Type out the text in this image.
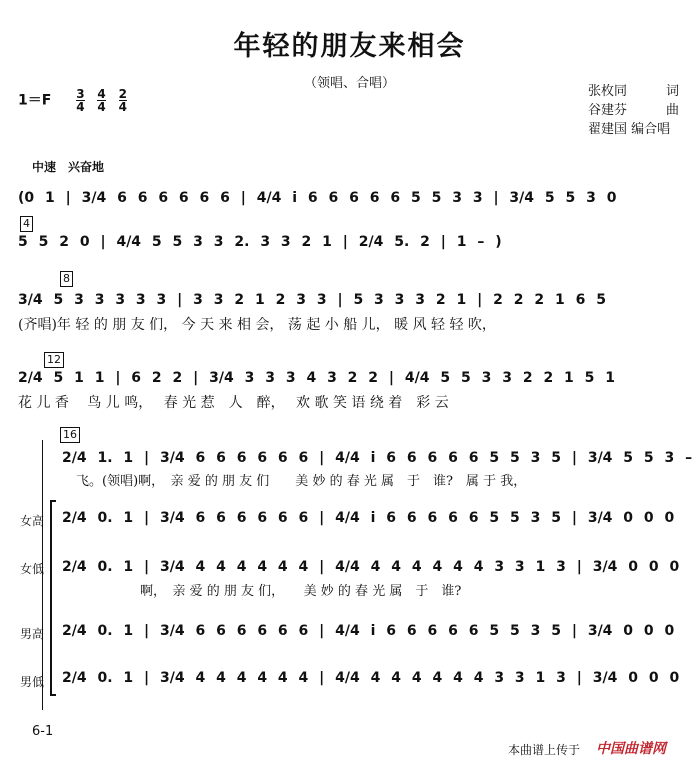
年轻的朋友来相会
（领唱、合唱）
$1=F \frac{3}{4}$
$\frac{4}{4}$
$\frac{2}{4}$	张枚同　　　词
谷建芬　　　曲
翟建国 编合唱
中速　兴奋地
(0 1 | 3/4 6 6 6 6 6 6 | 4/4 i 6 6 6 6 6 5 5 3 3 | 3/4 5 5 3 0
4
5 5 2 0 | 4/4 5 5 3 3 2. 3 3 2 1 | 2/4 5. 2 | 1 – )
8
3/4 5 3 3 3 3 3 | 3 3 2 1 2 3 3 | 5 3 3 3 2 1 | 2 2 2 1 6 5
(齐唱)年 轻 的 朋 友 们， 今 天 来 相 会， 荡 起 小 船 儿， 暖 风 轻 轻 吹，
12
2/4 5 1 1 | 6 2 2 | 3/4 3 3 3 4 3 2 2 | 4/4 5 5 3 3 2 2 1 5 1
花 儿 香　 鸟 儿 鸣，　 春 光 惹　人　醉，　 欢 歌 笑 语 绕 着　彩 云
16
2/4 1. 1 | 3/4 6 6 6 6 6 6 | 4/4 i 6 6 6 6 6 5 5 3 5 | 3/4 5 5 3 –
飞。(领唱)啊，　亲 爱 的 朋 友 们　　美 妙 的 春 光 属　于　谁?　属 于 我，
女高 2/4 0. 1 | 3/4 6 6 6 6 6 6 | 4/4 i 6 6 6 6 6 5 5 3 5 | 3/4 0 0 0
女低 2/4 0. 1 | 3/4 4 4 4 4 4 4 | 4/4 4 4 4 4 4 4 3 3 1 3 | 3/4 0 0 0
啊，　亲 爱 的 朋 友 们，　　美 妙 的 春 光 属　于　谁?
男高 2/4 0. 1 | 3/4 6 6 6 6 6 6 | 4/4 i 6 6 6 6 6 5 5 3 5 | 3/4 0 0 0
男低 2/4 0. 1 | 3/4 4 4 4 4 4 4 | 4/4 4 4 4 4 4 4 3 3 1 3 | 3/4 0 0 0
6-1
本曲谱上传于 中国曲谱网
